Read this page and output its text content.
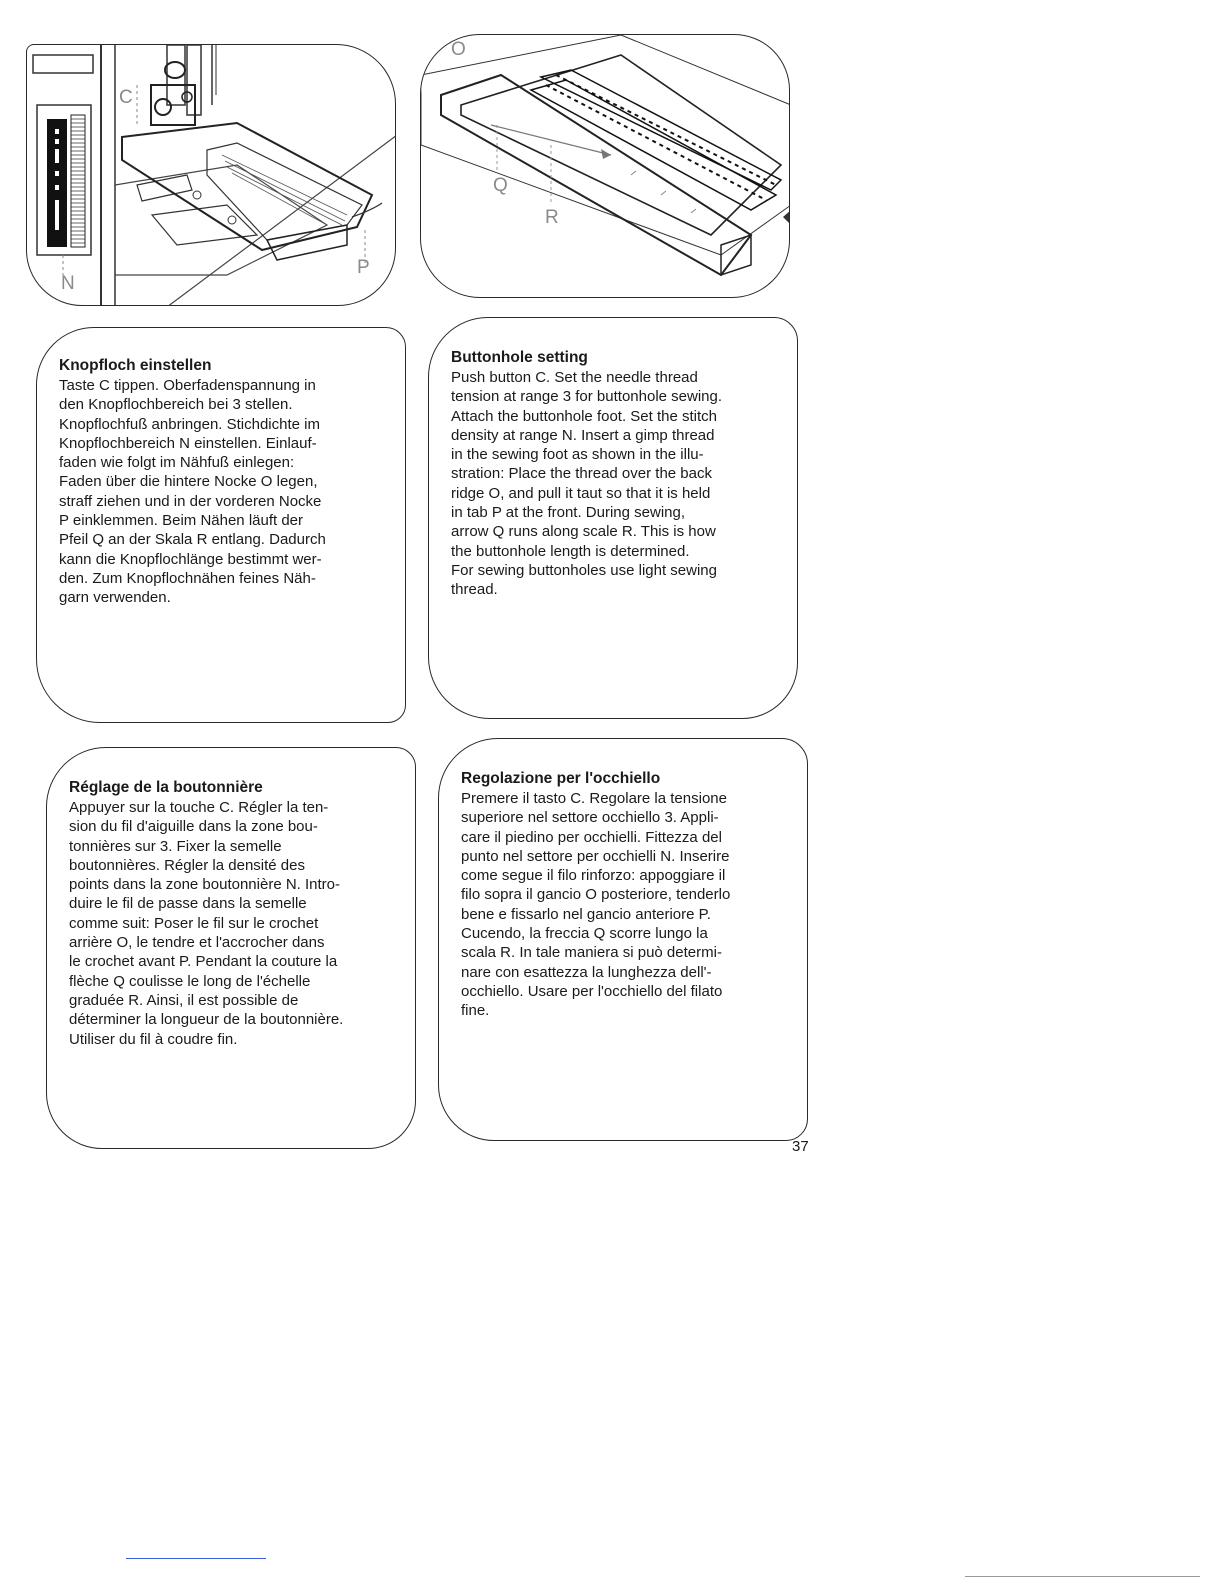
C
N
P
O
Q
R

Knopfloch einstellen

Taste C tippen. Oberfadenspannung in
den Knopflochbereich bei 3 stellen.
Knopflochfuß anbringen. Stichdichte im
Knopflochbereich N einstellen. Einlauf-
faden wie folgt im Nähfuß einlegen:
Faden über die hintere Nocke O legen,
straff ziehen und in der vorderen Nocke
P einklemmen. Beim Nähen läuft der
Pfeil Q an der Skala R entlang. Dadurch
kann die Knopflochlänge bestimmt wer-
den. Zum Knopflochnähen feines Näh-
garn verwenden.

Buttonhole setting

Push button C. Set the needle thread
tension at range 3 for buttonhole sewing.
Attach the buttonhole foot. Set the stitch
density at range N. Insert a gimp thread
in the sewing foot as shown in the illu-
stration: Place the thread over the back
ridge O, and pull it taut so that it is held
in tab P at the front. During sewing,
arrow Q runs along scale R. This is how
the buttonhole length is determined.
For sewing buttonholes use light sewing
thread.

Réglage de la boutonnière

Appuyer sur la touche C. Régler la ten-
sion du fil d'aiguille dans la zone bou-
tonnières sur 3. Fixer la semelle
boutonnières. Régler la densité des
points dans la zone boutonnière N. Intro-
duire le fil de passe dans la semelle
comme suit: Poser le fil sur le crochet
arrière O, le tendre et l'accrocher dans
le crochet avant P. Pendant la couture la
flèche Q coulisse le long de l'échelle
graduée R. Ainsi, il est possible de
déterminer la longueur de la boutonnière.
Utiliser du fil à coudre fin.

Regolazione per l'occhiello

Premere il tasto C. Regolare la tensione
superiore nel settore occhiello 3. Appli-
care il piedino per occhielli. Fittezza del
punto nel settore per occhielli N. Inserire
come segue il filo rinforzo: appoggiare il
filo sopra il gancio O posteriore, tenderlo
bene e fissarlo nel gancio anteriore P.
Cucendo, la freccia Q scorre lungo la
scala R. In tale maniera si può determi-
nare con esattezza la lunghezza dell'-
occhiello. Usare per l'occhiello del filato
fine.

37
